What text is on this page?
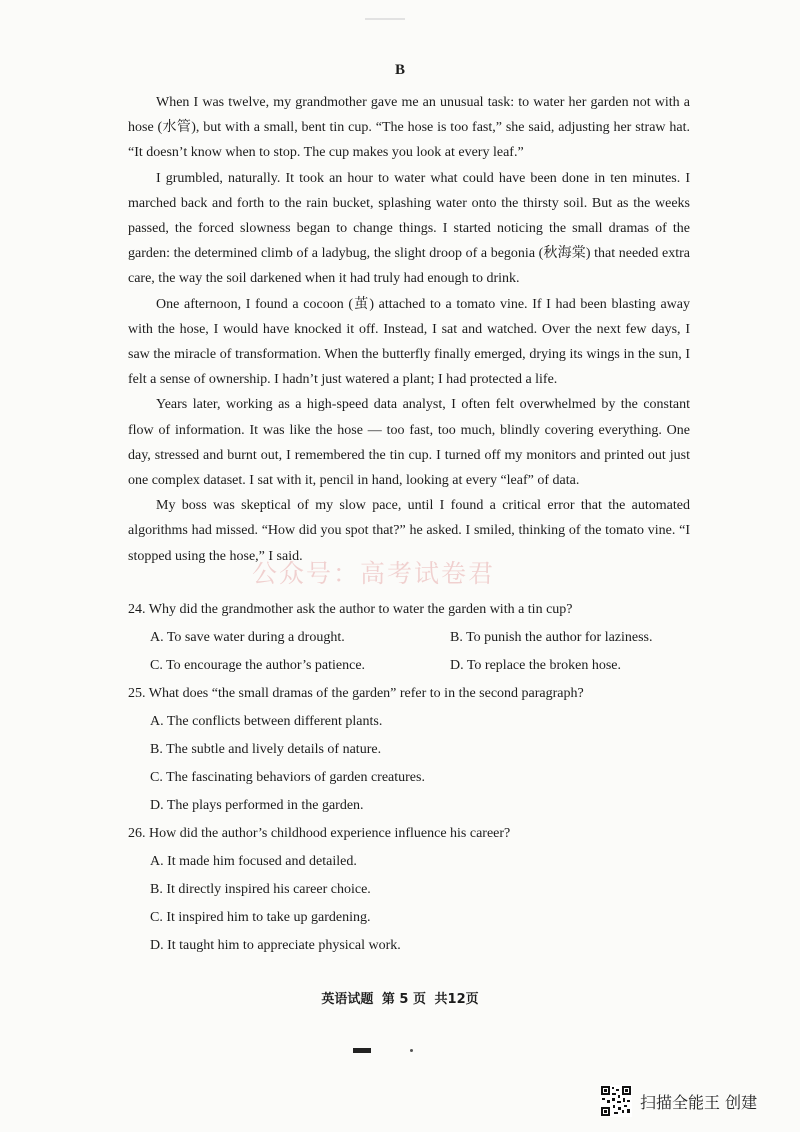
B

When I was twelve, my grandmother gave me an unusual task: to water her garden not with a hose (水管), but with a small, bent tin cup. “The hose is too fast,” she said, adjusting her straw hat. “It doesn’t know when to stop. The cup makes you look at every leaf.”

I grumbled, naturally. It took an hour to water what could have been done in ten minutes. I marched back and forth to the rain bucket, splashing water onto the thirsty soil. But as the weeks passed, the forced slowness began to change things. I started noticing the small dramas of the garden: the determined climb of a ladybug, the slight droop of a begonia (秋海棠) that needed extra care, the way the soil darkened when it had truly had enough to drink.

One afternoon, I found a cocoon (茧) attached to a tomato vine. If I had been blasting away with the hose, I would have knocked it off. Instead, I sat and watched. Over the next few days, I saw the miracle of transformation. When the butterfly finally emerged, drying its wings in the sun, I felt a sense of ownership. I hadn’t just watered a plant; I had protected a life.

Years later, working as a high-speed data analyst, I often felt overwhelmed by the constant flow of information. It was like the hose — too fast, too much, blindly covering everything. One day, stressed and burnt out, I remembered the tin cup. I turned off my monitors and printed out just one complex dataset. I sat with it, pencil in hand, looking at every “leaf” of data.

My boss was skeptical of my slow pace, until I found a critical error that the automated algorithms had missed. “How did you spot that?” he asked. I smiled, thinking of the tomato vine. “I stopped using the hose,” I said.

公众号：高考试卷君
24. Why did the grandmother ask the author to water the garden with a tin cup?
A. To save water during a drought.	B. To punish the author for laziness.
C. To encourage the author’s patience.	D. To replace the broken hose.
25. What does “the small dramas of the garden” refer to in the second paragraph?
A. The conflicts between different plants.
B. The subtle and lively details of nature.
C. The fascinating behaviors of garden creatures.
D. The plays performed in the garden.
26. How did the author’s childhood experience influence his career?
A. It made him focused and detailed.
B. It directly inspired his career choice.
C. It inspired him to take up gardening.
D. It taught him to appreciate physical work.
英语试题 第 5 页 共12页
扫描全能王 创建
